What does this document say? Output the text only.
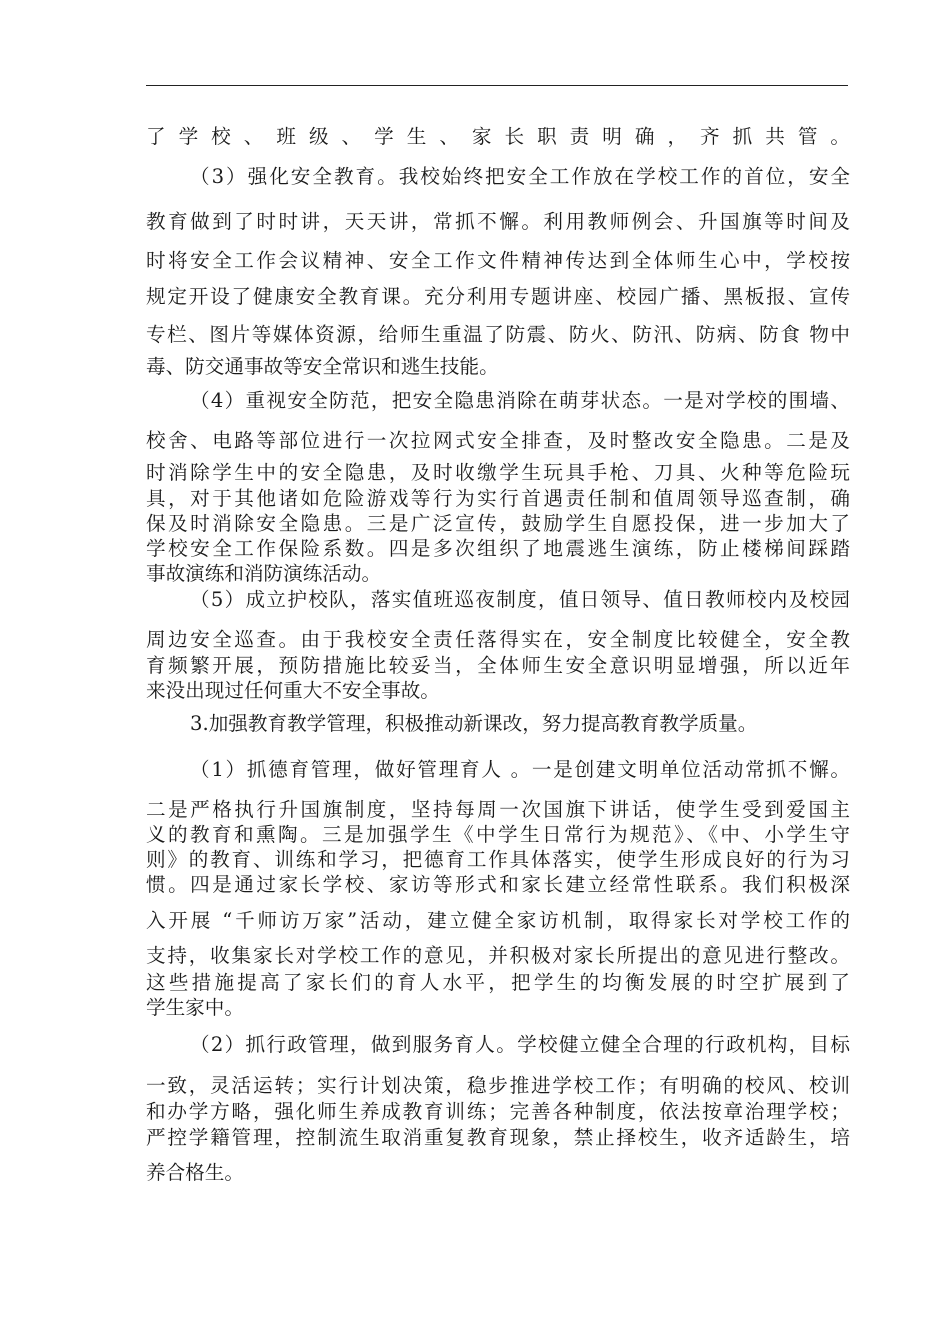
了学校、班级、学生、家长职责明确，齐抓共管。
（3）强化安全教育。我校始终把安全工作放在学校工作的首位，安全
教育做到了时时讲，天天讲，常抓不懈。利用教师例会、升国旗等时间及
时将安全工作会议精神、安全工作文件精神传达到全体师生心中，学校按
规定开设了健康安全教育课。充分利用专题讲座、校园广播、黑板报、宣传
专栏、图片等媒体资源，给师生重温了防震、防火、防汛、防病、防食 物中
毒、防交通事故等安全常识和逃生技能。
（4）重视安全防范，把安全隐患消除在萌芽状态。一是对学校的围墙、
校舍、电路等部位进行一次拉网式安全排查，及时整改安全隐患。二是及
时消除学生中的安全隐患，及时收缴学生玩具手枪、刀具、火种等危险玩
具，对于其他诸如危险游戏等行为实行首遇责任制和值周领导巡查制，确
保及时消除安全隐患。三是广泛宣传，鼓励学生自愿投保，进一步加大了
学校安全工作保险系数。四是多次组织了地震逃生演练，防止楼梯间踩踏
事故演练和消防演练活动。
（5）成立护校队，落实值班巡夜制度，值日领导、值日教师校内及校园
周边安全巡查。由于我校安全责任落得实在，安全制度比较健全，安全教
育频繁开展，预防措施比较妥当，全体师生安全意识明显增强，所以近年
来没出现过任何重大不安全事故。
3.加强教育教学管理，积极推动新课改，努力提高教育教学质量。
（1）抓德育管理，做好管理育人 。一是创建文明单位活动常抓不懈。
二是严格执行升国旗制度，坚持每周一次国旗下讲话，使学生受到爱国主
义的教育和熏陶。三是加强学生《中学生日常行为规范》、《中、小学生守
则》的教育、训练和学习，把德育工作具体落实，使学生形成良好的行为习
惯。四是通过家长学校、家访等形式和家长建立经常性联系。我们积极深
入开展 “千师访万家”活动，建立健全家访机制，取得家长对学校工作的
支持，收集家长对学校工作的意见，并积极对家长所提出的意见进行整改。
这些措施提高了家长们的育人水平，把学生的均衡发展的时空扩展到了
学生家中。
（2）抓行政管理，做到服务育人。学校健立健全合理的行政机构，目标
一致，灵活运转；实行计划决策，稳步推进学校工作；有明确的校风、校训
和办学方略，强化师生养成教育训练；完善各种制度，依法按章治理学校；
严控学籍管理，控制流生取消重复教育现象，禁止择校生，收齐适龄生，培
养合格生。
